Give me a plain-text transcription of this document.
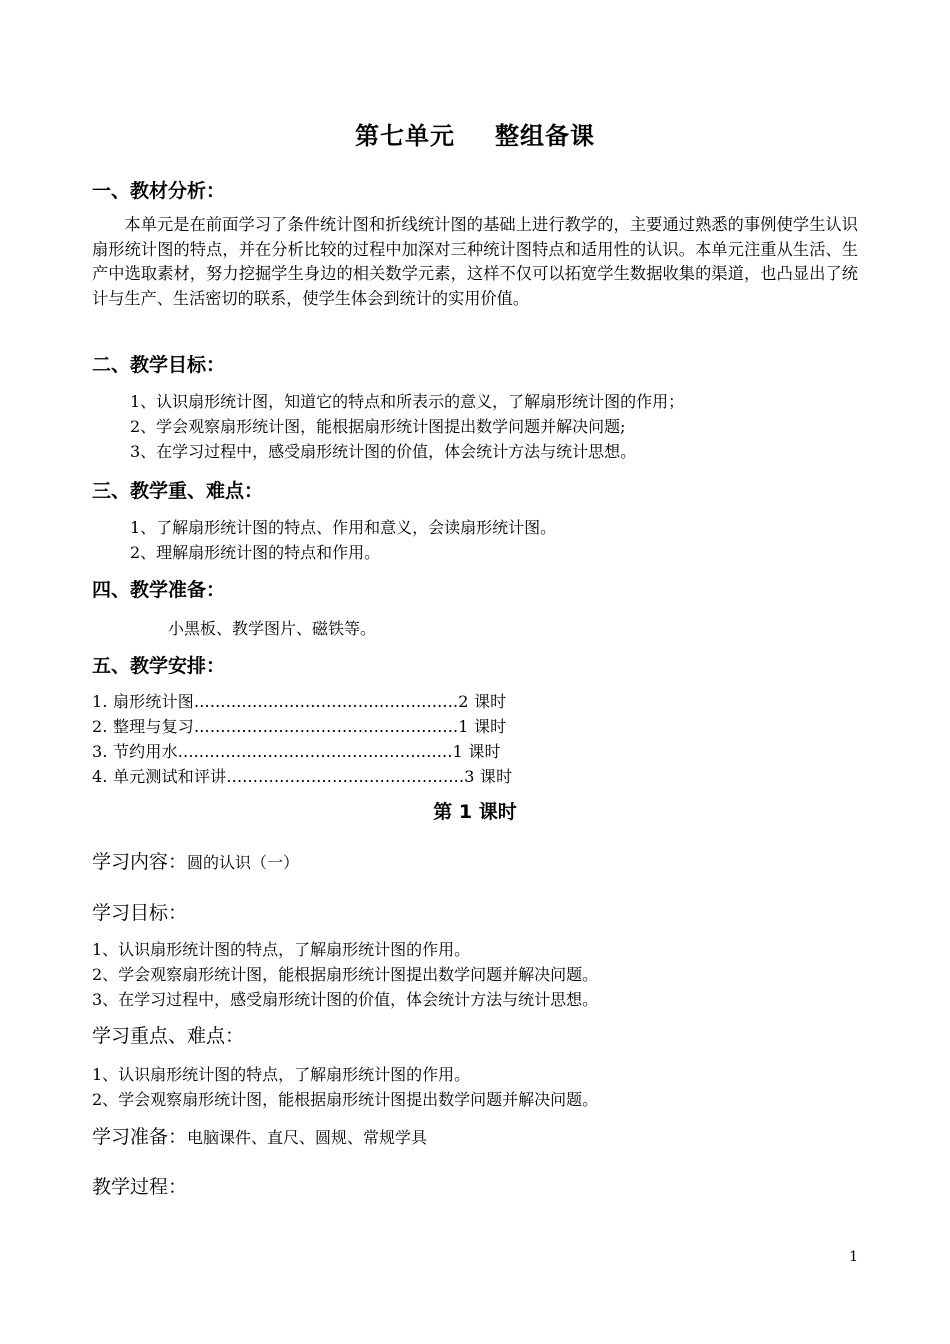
第七单元 整组备课
一、教材分析：
本单元是在前面学习了条件统计图和折线统计图的基础上进行教学的，主要通过熟悉的事例使学生认识扇形统计图的特点，并在分析比较的过程中加深对三种统计图特点和适用性的认识。本单元注重从生活、生产中选取素材，努力挖掘学生身边的相关数学元素，这样不仅可以拓宽学生数据收集的渠道，也凸显出了统计与生产、生活密切的联系，使学生体会到统计的实用价值。
二、教学目标：
1、认识扇形统计图，知道它的特点和所表示的意义，了解扇形统计图的作用；
2、学会观察扇形统计图，能根据扇形统计图提出数学问题并解决问题;
3、在学习过程中，感受扇形统计图的价值，体会统计方法与统计思想。
三、教学重、难点：
1、了解扇形统计图的特点、作用和意义，会读扇形统计图。
2、理解扇形统计图的特点和作用。
四、教学准备：
小黑板、教学图片、磁铁等。
五、教学安排：
1. 扇形统计图..................................................2 课时
2. 整理与复习..................................................1 课时
3. 节约用水....................................................1 课时
4. 单元测试和评讲.............................................3 课时
第 1 课时
学习内容：圆的认识（一）
学习目标：
1、认识扇形统计图的特点，了解扇形统计图的作用。
2、学会观察扇形统计图，能根据扇形统计图提出数学问题并解决问题。
3、在学习过程中，感受扇形统计图的价值，体会统计方法与统计思想。
学习重点、难点：
1、认识扇形统计图的特点，了解扇形统计图的作用。
2、学会观察扇形统计图，能根据扇形统计图提出数学问题并解决问题。
学习准备：电脑课件、直尺、圆规、常规学具
教学过程：
1
